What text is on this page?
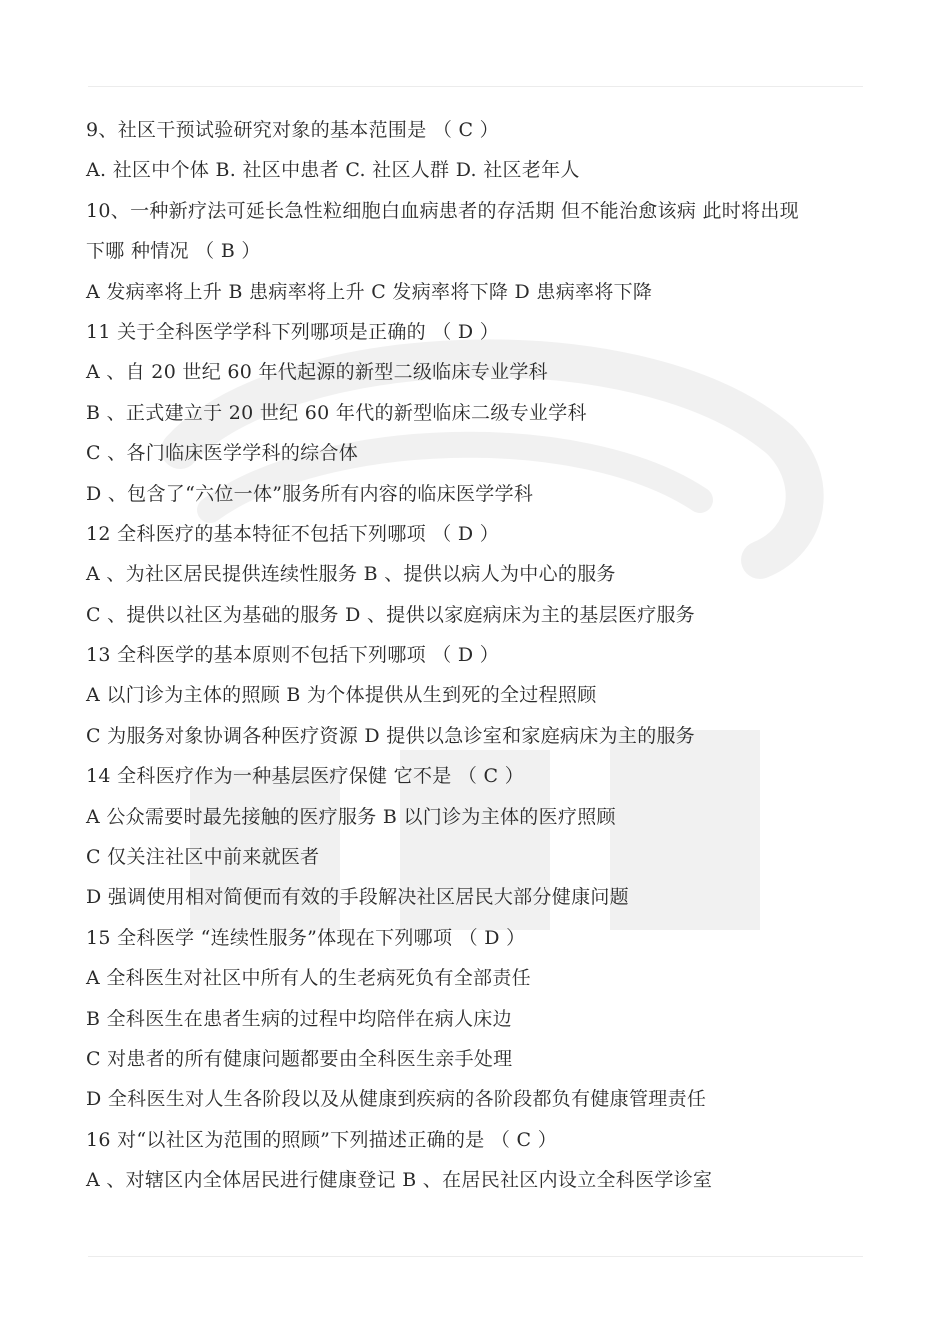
9、社区干预试验研究对象的基本范围是 （ C ）
A. 社区中个体 B. 社区中患者 C. 社区人群 D. 社区老年人
10、一种新疗法可延长急性粒细胞白血病患者的存活期 但不能治愈该病 此时将出现
下哪 种情况 （ B ）
A 发病率将上升 B 患病率将上升 C 发病率将下降 D 患病率将下降
11 关于全科医学学科下列哪项是正确的 （ D ）
A 、自 20 世纪 60 年代起源的新型二级临床专业学科
B 、正式建立于 20 世纪 60 年代的新型临床二级专业学科
C 、各门临床医学学科的综合体
D 、包含了“六位一体”服务所有内容的临床医学学科
12 全科医疗的基本特征不包括下列哪项 （ D ）
A 、为社区居民提供连续性服务 B 、提供以病人为中心的服务
C 、提供以社区为基础的服务 D 、提供以家庭病床为主的基层医疗服务
13 全科医学的基本原则不包括下列哪项 （ D ）
A 以门诊为主体的照顾 B 为个体提供从生到死的全过程照顾
C 为服务对象协调各种医疗资源 D 提供以急诊室和家庭病床为主的服务
14 全科医疗作为一种基层医疗保健 它不是 （ C ）
A 公众需要时最先接触的医疗服务 B 以门诊为主体的医疗照顾
C 仅关注社区中前来就医者
D 强调使用相对简便而有效的手段解决社区居民大部分健康问题
15 全科医学 “连续性服务”体现在下列哪项 （ D ）
A 全科医生对社区中所有人的生老病死负有全部责任
B 全科医生在患者生病的过程中均陪伴在病人床边
C 对患者的所有健康问题都要由全科医生亲手处理
D 全科医生对人生各阶段以及从健康到疾病的各阶段都负有健康管理责任
16 对“以社区为范围的照顾”下列描述正确的是 （ C ）
A 、对辖区内全体居民进行健康登记 B 、在居民社区内设立全科医学诊室
